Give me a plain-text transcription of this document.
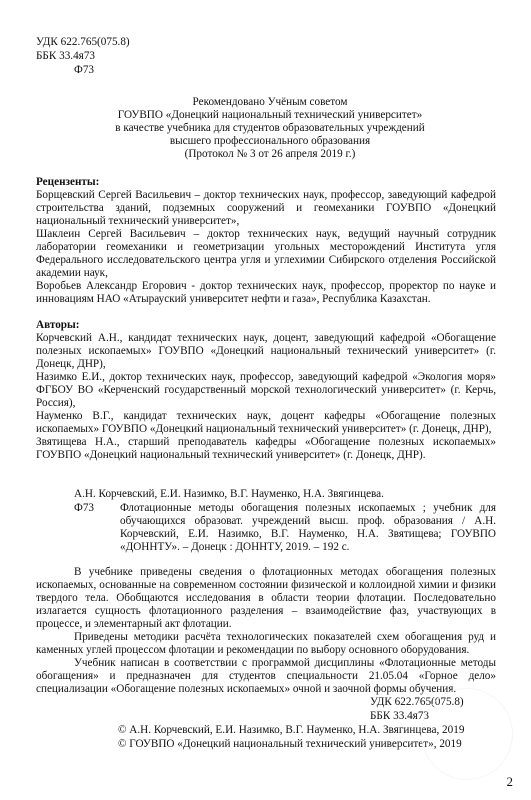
УДК 622.765(075.8)
ББК 33.4я73
Ф73

Рекомендовано Учёным советом

ГОУВПО «Донецкий национальный технический университет»

в качестве учебника для студентов образовательных учреждений

высшего профессионального образования

(Протокол № 3 от 26 апреля 2019 г.)

Рецензенты:

Борщевский Сергей Васильевич – доктор технических наук, профессор, заведующий кафедрой строительства зданий, подземных сооружений и геомеханики ГОУВПО «Донецкий национальный технический университет»,

Шаклеин Сергей Васильевич – доктор технических наук, ведущий научный сотрудник лаборатории геомеханики и геометризации угольных месторождений Института угля Федерального исследовательского центра угля и углехимии Сибирского отделения Российской академии наук,

Воробьев Александр Егорович - доктор технических наук, профессор, проректор по науке и инновациям НАО «Атырауский университет нефти и газа», Республика Казахстан.

Авторы:

Корчевский А.Н., кандидат технических наук, доцент, заведующий кафедрой «Обогащение полезных ископаемых» ГОУВПО «Донецкий национальный технический университет» (г. Донецк, ДНР),

Назимко Е.И., доктор технических наук, профессор, заведующий кафедрой «Экология моря» ФГБОУ ВО «Керченский государственный морской технологический университет» (г. Керчь, Россия),

Науменко В.Г., кандидат технических наук, доцент кафедры «Обогащение полезных ископаемых» ГОУВПО «Донецкий национальный технический университет» (г. Донецк, ДНР),

Звятищева Н.А., старший преподаватель кафедры «Обогащение полезных ископаемых» ГОУВПО «Донецкий национальный технический университет» (г. Донецк, ДНР).

А.Н. Корчевский, Е.И. Назимко, В.Г. Науменко, Н.А. Звягинцева.
Ф73 Флотационные методы обогащения полезных ископаемых ; учебник для обучающихся образоват. учреждений высш. проф. образования / А.Н. Корчевский, Е.И. Назимко, В.Г. Науменко, Н.А. Звятищева; ГОУВПО «ДОННТУ». – Донецк : ДОННТУ, 2019. – 192 с.

В учебнике приведены сведения о флотационных методах обогащения полезных ископаемых, основанные на современном состоянии физической и коллоидной химии и физики твердого тела. Обобщаются исследования в области теории флотации. Последовательно излагается сущность флотационного разделения – взаимодействие фаз, участвующих в процессе, и элементарный акт флотации.

Приведены методики расчёта технологических показателей схем обогащения руд и каменных углей процессом флотации и рекомендации по выбору основного оборудования.

Учебник написан в соответствии с программой дисциплины «Флотационные методы обогащения» и предназначен для студентов специальности 21.05.04 «Горное дело» специализации «Обогащение полезных ископаемых» очной и заочной формы обучения.

УДК 622.765(075.8)
ББК 33.4я73
© А.Н. Корчевский, Е.И. Назимко, В.Г. Науменко, Н.А. Звягинцева, 2019
© ГОУВПО «Донецкий национальный технический университет», 2019
2
